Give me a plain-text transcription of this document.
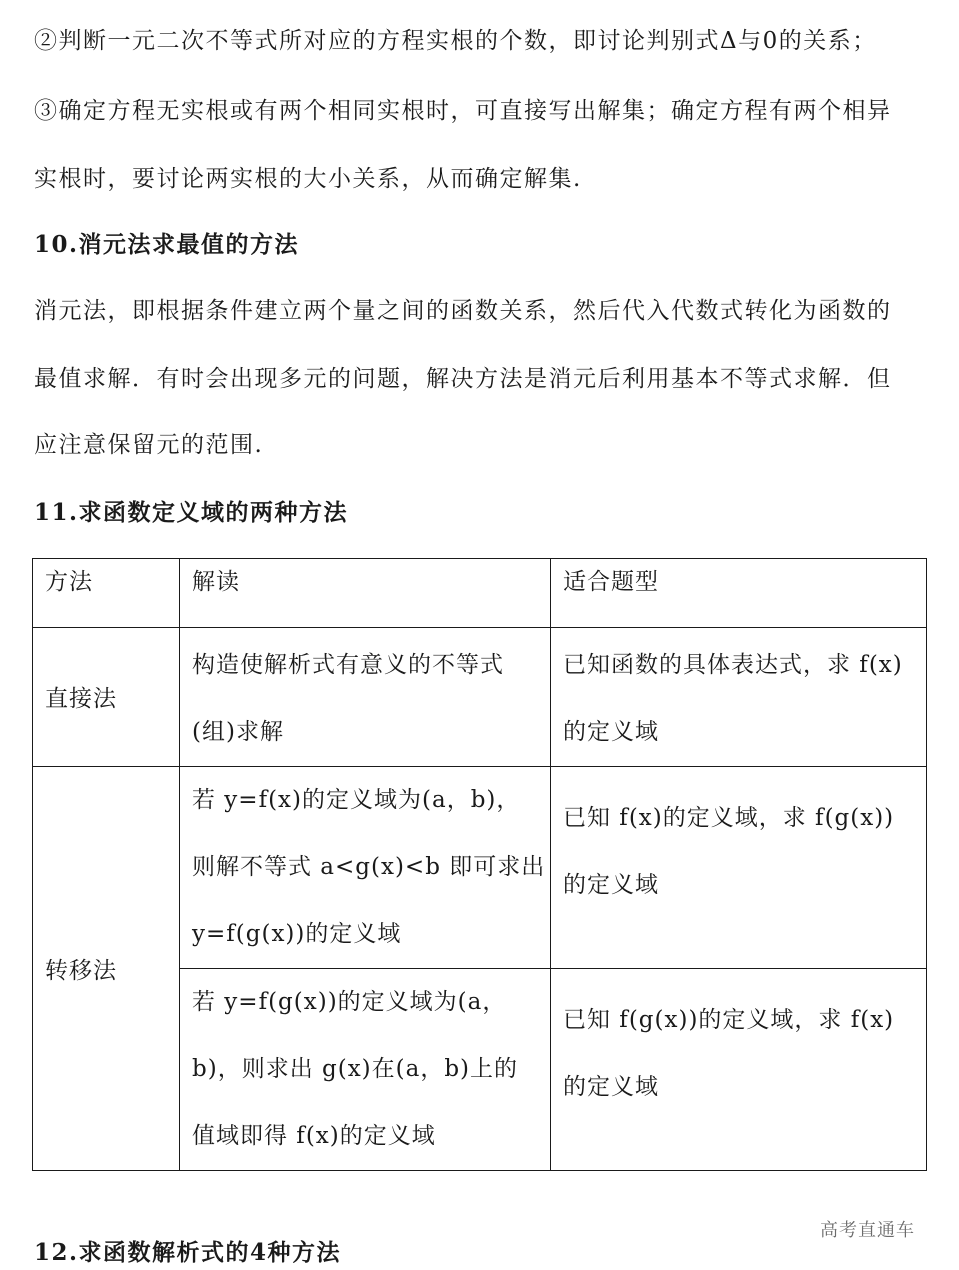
②判断一元二次不等式所对应的方程实根的个数，即讨论判别式Δ与0的关系；
③确定方程无实根或有两个相同实根时，可直接写出解集；确定方程有两个相异
实根时，要讨论两实根的大小关系，从而确定解集.
10.消元法求最值的方法
消元法，即根据条件建立两个量之间的函数关系，然后代入代数式转化为函数的
最值求解．有时会出现多元的问题，解决方法是消元后利用基本不等式求解．但
应注意保留元的范围.
11.求函数定义域的两种方法
方法	解读	适合题型
直接法	构造使解析式有意义的不等式
(组)求解	已知函数的具体表达式，求 f(x)
的定义域

转移法	若 y=f(x)的定义域为(a，b)，
则解不等式 a<g(x)<b 即可求出
y=f(g(x))的定义域	已知 f(x)的定义域，求 f(g(x))
的定义域

	若 y=f(g(x))的定义域为(a，
b)，则求出 g(x)在(a，b)上的
值域即得 f(x)的定义域	已知 f(g(x))的定义域，求 f(x)
的定义域
12.求函数解析式的4种方法
高考直通车
